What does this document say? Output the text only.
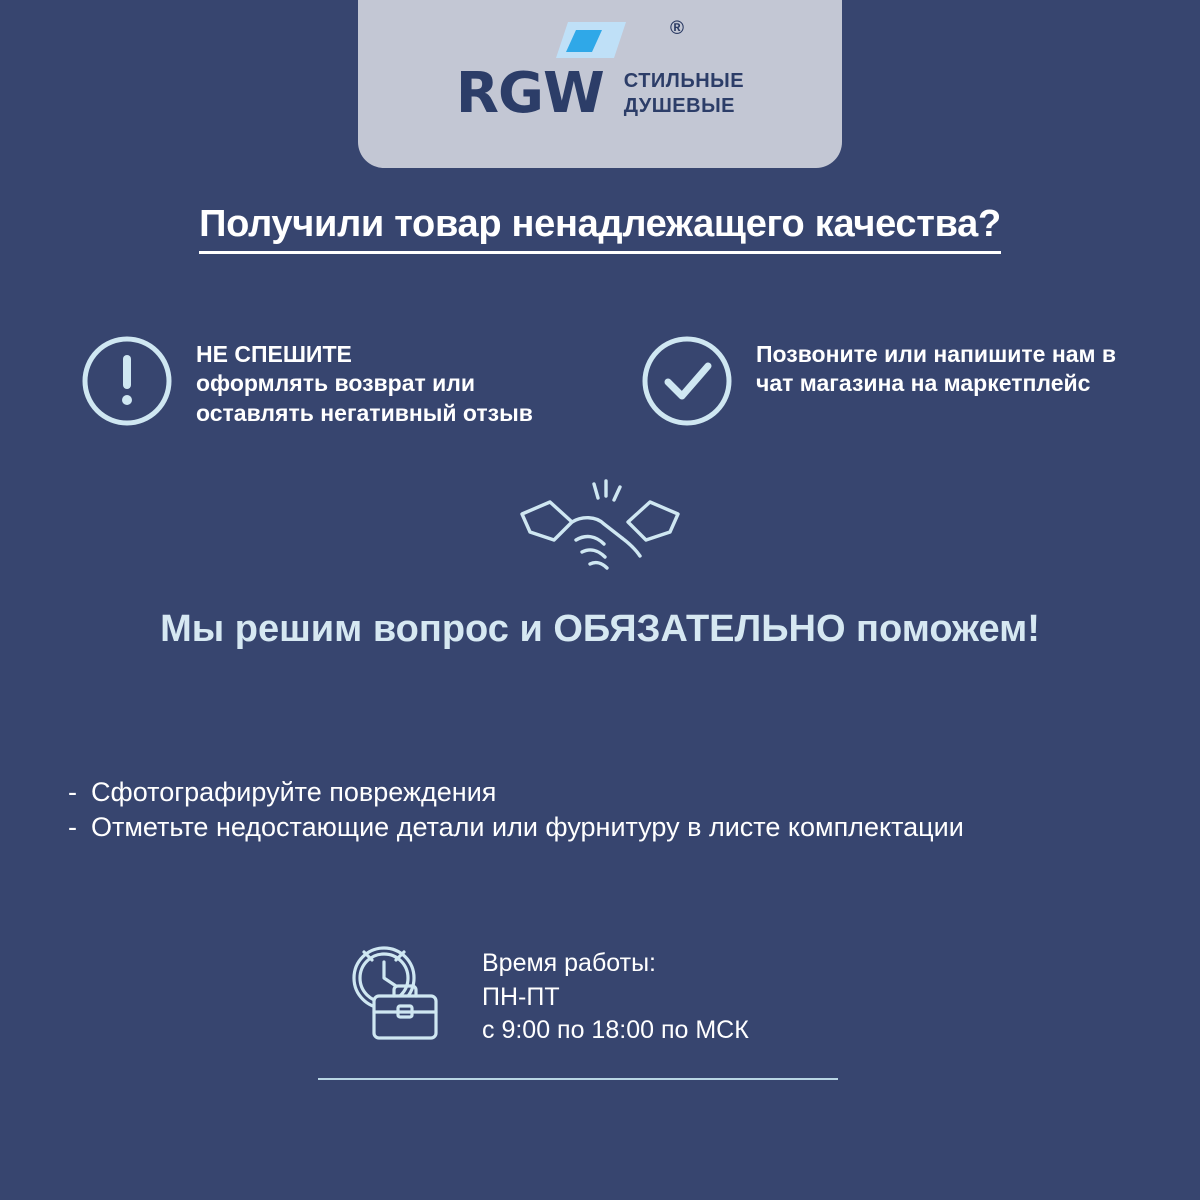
®
RGW СТИЛЬНЫЕ
ДУШЕВЫЕ
Получили товар ненадлежащего качества?
НЕ СПЕШИТЕ
оформлять возврат или оставлять негативный отзыв
Позвоните или напишите нам в чат магазина на маркетплейс
Мы решим вопрос и ОБЯЗАТЕЛЬНО поможем!
- Сфотографируйте повреждения
- Отметьте недостающие детали или фурнитуру в листе комплектации
Время работы:
ПН-ПТ
с 9:00 по 18:00 по МСК
